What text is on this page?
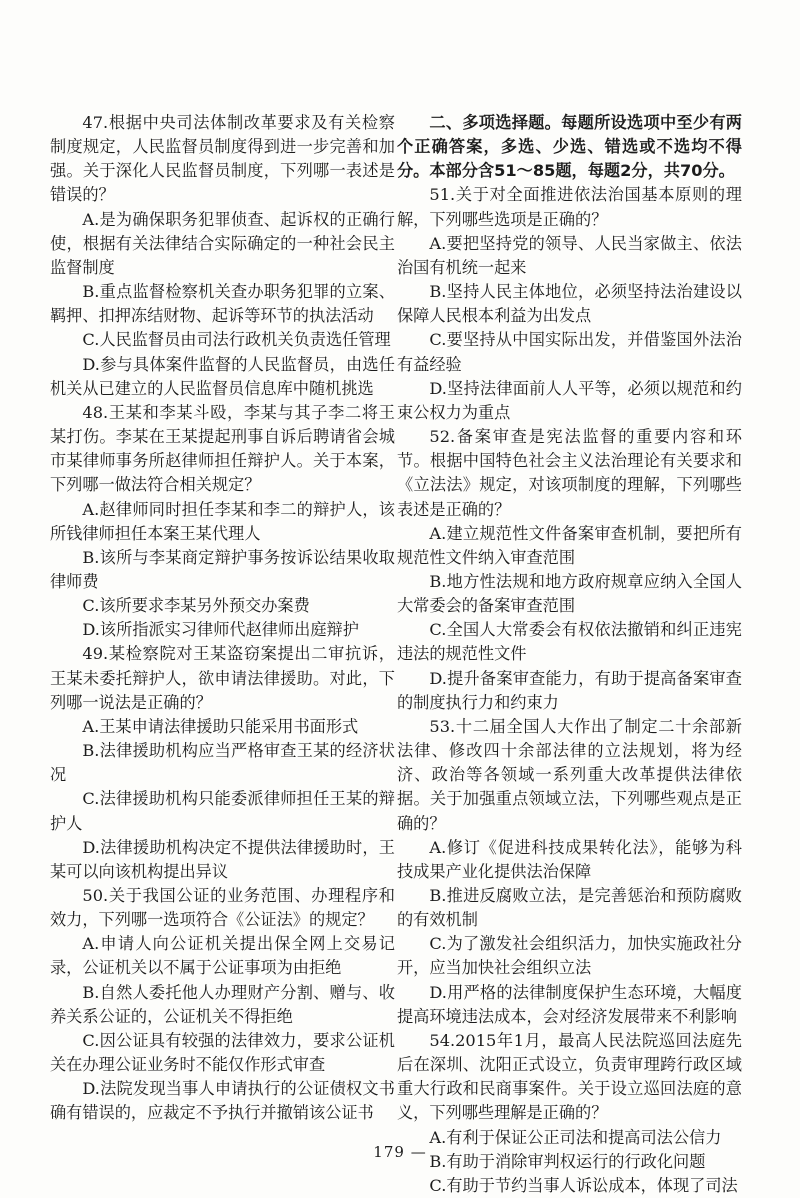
47.根据中央司法体制改革要求及有关检察制度规定，人民监督员制度得到进一步完善和加强。关于深化人民监督员制度，下列哪一表述是错误的？

A.是为确保职务犯罪侦查、起诉权的正确行使，根据有关法律结合实际确定的一种社会民主监督制度

B.重点监督检察机关查办职务犯罪的立案、羁押、扣押冻结财物、起诉等环节的执法活动

C.人民监督员由司法行政机关负责选任管理

D.参与具体案件监督的人民监督员，由选任机关从已建立的人民监督员信息库中随机挑选

48.王某和李某斗殴，李某与其子李二将王某打伤。李某在王某提起刑事自诉后聘请省会城市某律师事务所赵律师担任辩护人。关于本案，下列哪一做法符合相关规定？

A.赵律师同时担任李某和李二的辩护人，该所钱律师担任本案王某代理人

B.该所与李某商定辩护事务按诉讼结果收取律师费

C.该所要求李某另外预交办案费

D.该所指派实习律师代赵律师出庭辩护

49.某检察院对王某盗窃案提出二审抗诉，王某未委托辩护人，欲申请法律援助。对此，下列哪一说法是正确的？

A.王某申请法律援助只能采用书面形式

B.法律援助机构应当严格审查王某的经济状况

C.法律援助机构只能委派律师担任王某的辩护人

D.法律援助机构决定不提供法律援助时，王某可以向该机构提出异议

50.关于我国公证的业务范围、办理程序和效力，下列哪一选项符合《公证法》的规定？

A.申请人向公证机关提出保全网上交易记录，公证机关以不属于公证事项为由拒绝

B.自然人委托他人办理财产分割、赠与、收养关系公证的，公证机关不得拒绝

C.因公证具有较强的法律效力，要求公证机关在办理公证业务时不能仅作形式审查

D.法院发现当事人申请执行的公证债权文书确有错误的，应裁定不予执行并撤销该公证书

二、多项选择题。每题所设选项中至少有两个正确答案，多选、少选、错选或不选均不得分。本部分含51～85题，每题2分，共70分。

51.关于对全面推进依法治国基本原则的理解，下列哪些选项是正确的？

A.要把坚持党的领导、人民当家做主、依法治国有机统一起来

B.坚持人民主体地位，必须坚持法治建设以保障人民根本利益为出发点

C.要坚持从中国实际出发，并借鉴国外法治有益经验

D.坚持法律面前人人平等，必须以规范和约束公权力为重点

52.备案审查是宪法监督的重要内容和环节。根据中国特色社会主义法治理论有关要求和《立法法》规定，对该项制度的理解，下列哪些表述是正确的？

A.建立规范性文件备案审查机制，要把所有规范性文件纳入审查范围

B.地方性法规和地方政府规章应纳入全国人大常委会的备案审查范围

C.全国人大常委会有权依法撤销和纠正违宪违法的规范性文件

D.提升备案审查能力，有助于提高备案审查的制度执行力和约束力

53.十二届全国人大作出了制定二十余部新法律、修改四十余部法律的立法规划，将为经济、政治等各领域一系列重大改革提供法律依据。关于加强重点领域立法，下列哪些观点是正确的？

A.修订《促进科技成果转化法》，能够为科技成果产业化提供法治保障

B.推进反腐败立法，是完善惩治和预防腐败的有效机制

C.为了激发社会组织活力，加快实施政社分开，应当加快社会组织立法

D.用严格的法律制度保护生态环境，大幅度提高环境违法成本，会对经济发展带来不利影响

54.2015年1月，最高人民法院巡回法庭先后在深圳、沈阳正式设立，负责审理跨行政区域重大行政和民商事案件。关于设立巡回法庭的意义，下列哪些理解是正确的？

A.有利于保证公正司法和提高司法公信力

B.有助于消除审判权运行的行政化问题

C.有助于节约当事人诉讼成本，体现了司法

179 —
